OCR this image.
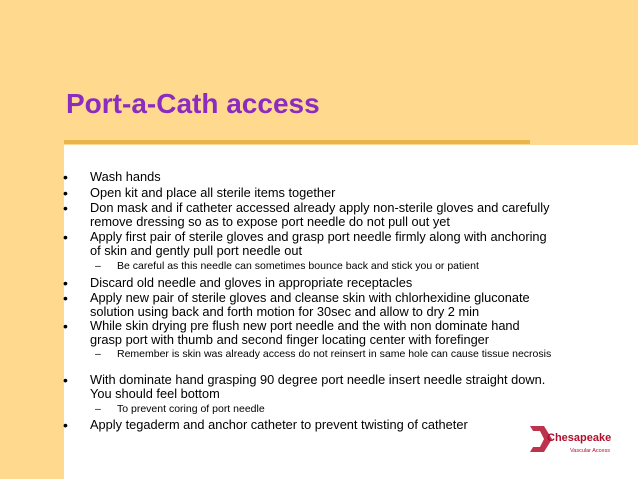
Port-a-Cath access
• Wash hands
• Open kit and place all sterile items together
• Don mask and if catheter accessed already apply non-sterile gloves and carefully remove dressing so as to expose port needle do not pull out yet
• Apply first pair of sterile gloves and grasp port needle firmly along with anchoring of skin and gently pull port needle out
– Be careful as this needle can sometimes bounce back and stick you or patient
• Discard old needle and gloves in appropriate receptacles
• Apply new pair of sterile gloves and cleanse skin with chlorhexidine gluconate solution using back and forth motion for 30sec and allow to dry 2 min
• While skin drying pre flush new port needle and the with non dominate hand grasp port with thumb and second finger locating center with forefinger
– Remember is skin was already access do not reinsert in same hole can cause tissue necrosis
• With dominate hand grasping 90 degree port needle insert needle straight down. You should feel bottom
– To prevent coring of port needle
• Apply tegaderm and anchor catheter to prevent twisting of catheter
Chesapeake
Vascular Access
